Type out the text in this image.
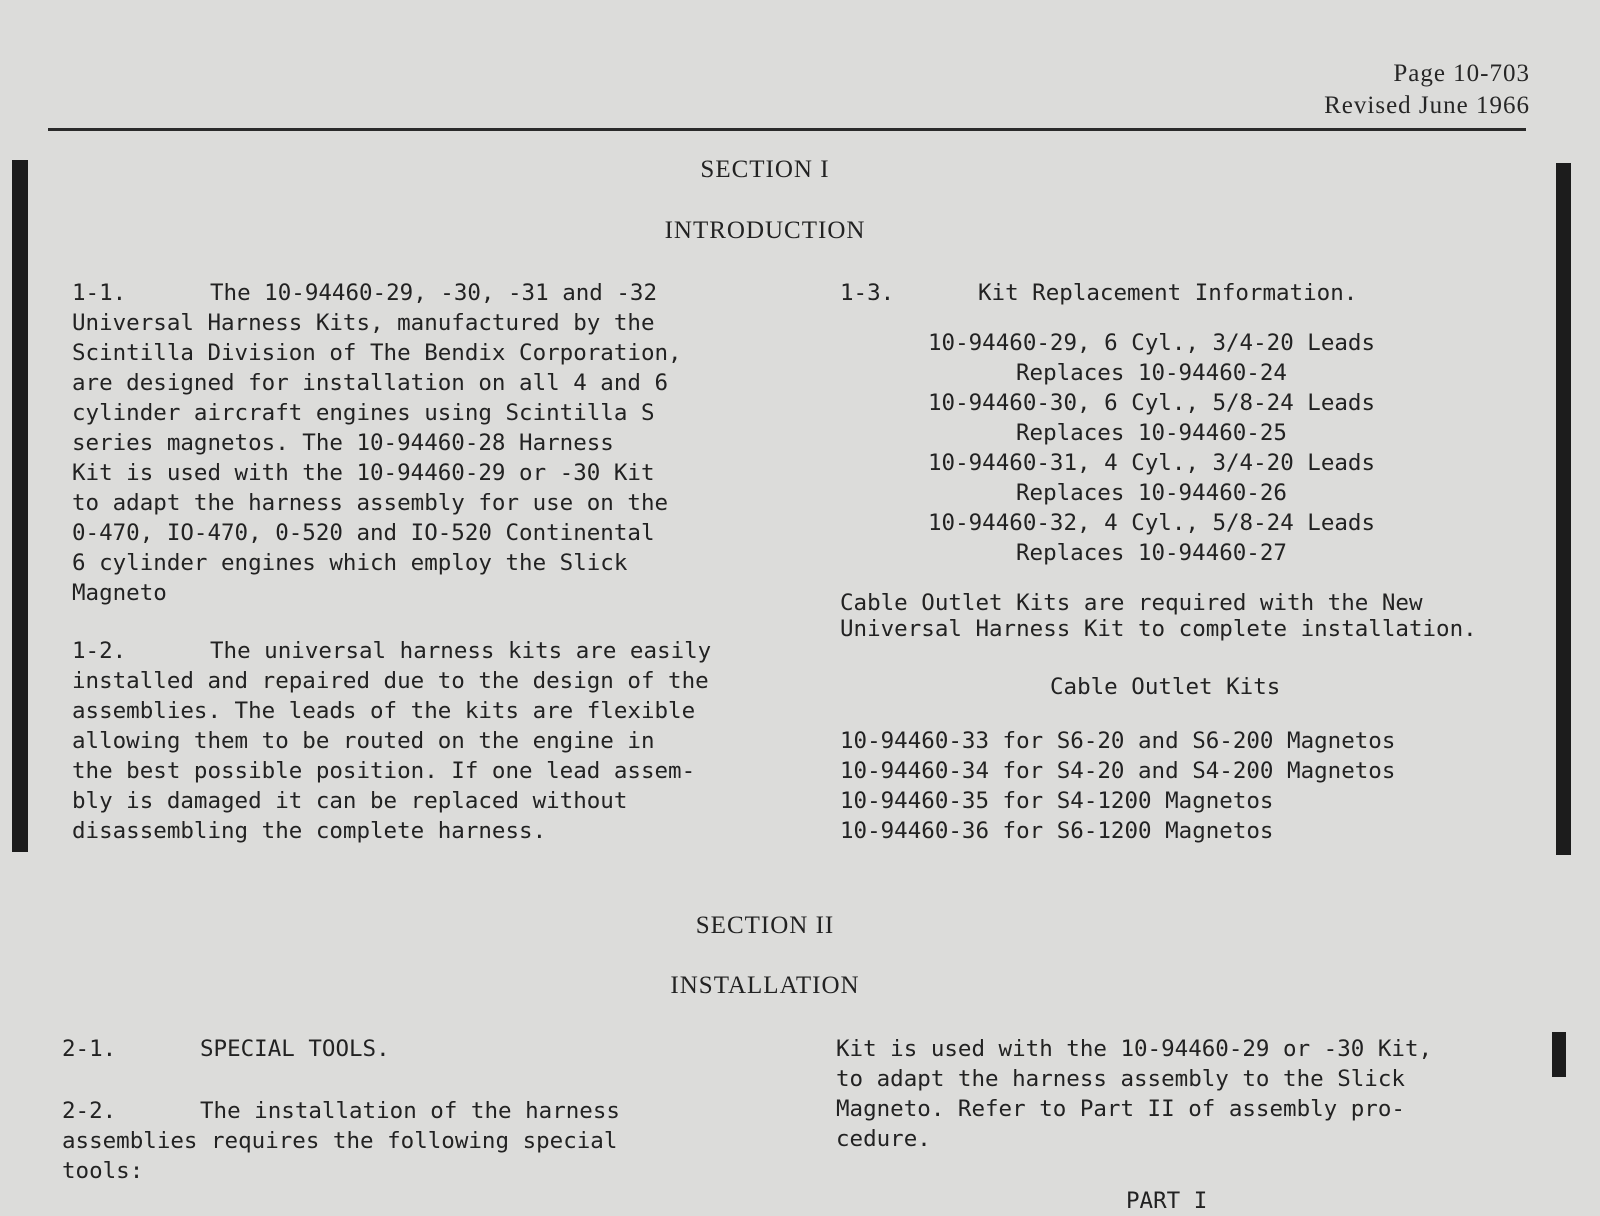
Page 10-703
Revised June 1966
SECTION I
INTRODUCTION
1-1.	The 10-94460-29, -30, -31 and -32
Universal Harness Kits, manufactured by the
Scintilla Division of The Bendix Corporation,
are designed for installation on all 4 and 6
cylinder aircraft engines using Scintilla S
series magnetos. The 10-94460-28 Harness
Kit is used with the 10-94460-29 or -30 Kit
to adapt the harness assembly for use on the
0-470, IO-470, 0-520 and IO-520 Continental
6 cylinder engines which employ the Slick
Magneto
1-2.	The universal harness kits are easily
installed and repaired due to the design of the
assemblies. The leads of the kits are flexible
allowing them to be routed on the engine in
the best possible position. If one lead assem-
bly is damaged it can be replaced without
disassembling the complete harness.
1-3.	Kit Replacement Information.
10-94460-29, 6 Cyl., 3/4-20 Leads
Replaces 10-94460-24
10-94460-30, 6 Cyl., 5/8-24 Leads
Replaces 10-94460-25
10-94460-31, 4 Cyl., 3/4-20 Leads
Replaces 10-94460-26
10-94460-32, 4 Cyl., 5/8-24 Leads
Replaces 10-94460-27
Cable Outlet Kits are required with the New
Universal Harness Kit to complete installation.
Cable Outlet Kits
10-94460-33 for S6-20 and S6-200 Magnetos
10-94460-34 for S4-20 and S4-200 Magnetos
10-94460-35 for S4-1200 Magnetos
10-94460-36 for S6-1200 Magnetos
SECTION II
INSTALLATION
2-1.	SPECIAL TOOLS.
2-2.	The installation of the harness
assemblies requires the following special
tools:
Kit is used with the 10-94460-29 or -30 Kit,
to adapt the harness assembly to the Slick
Magneto. Refer to Part II of assembly pro-
cedure.
PART I
